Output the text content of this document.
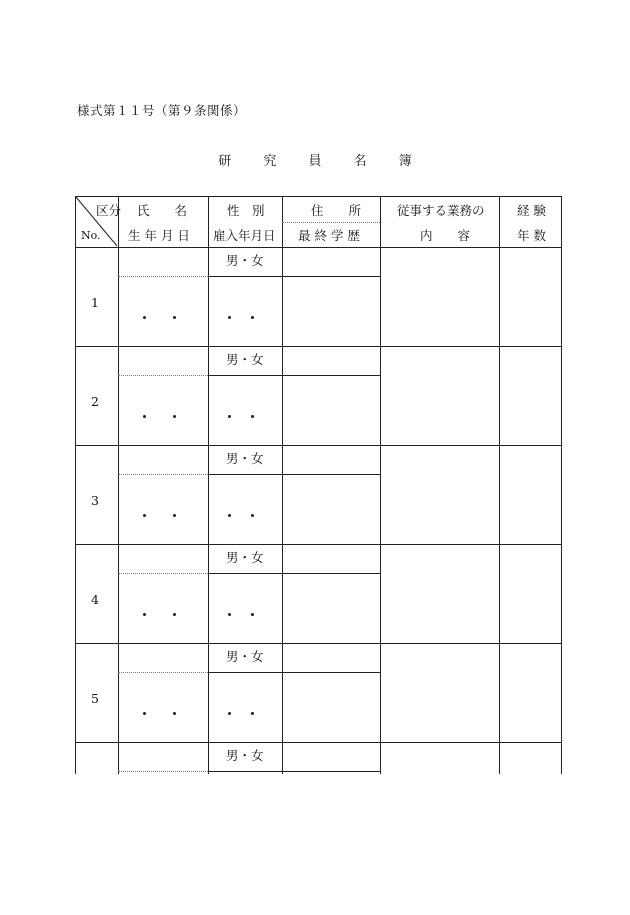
様式第１１号（第９条関係）
研 究 員 名 簿
区分
No.
氏　　名
生 年 月 日
性　別
雇入年月日
住　　所
最 終 学 歴
従事する業務の
内　　容
経 験
年 数
1
男・女
2
男・女
3
男・女
4
男・女
5
男・女
男・女
